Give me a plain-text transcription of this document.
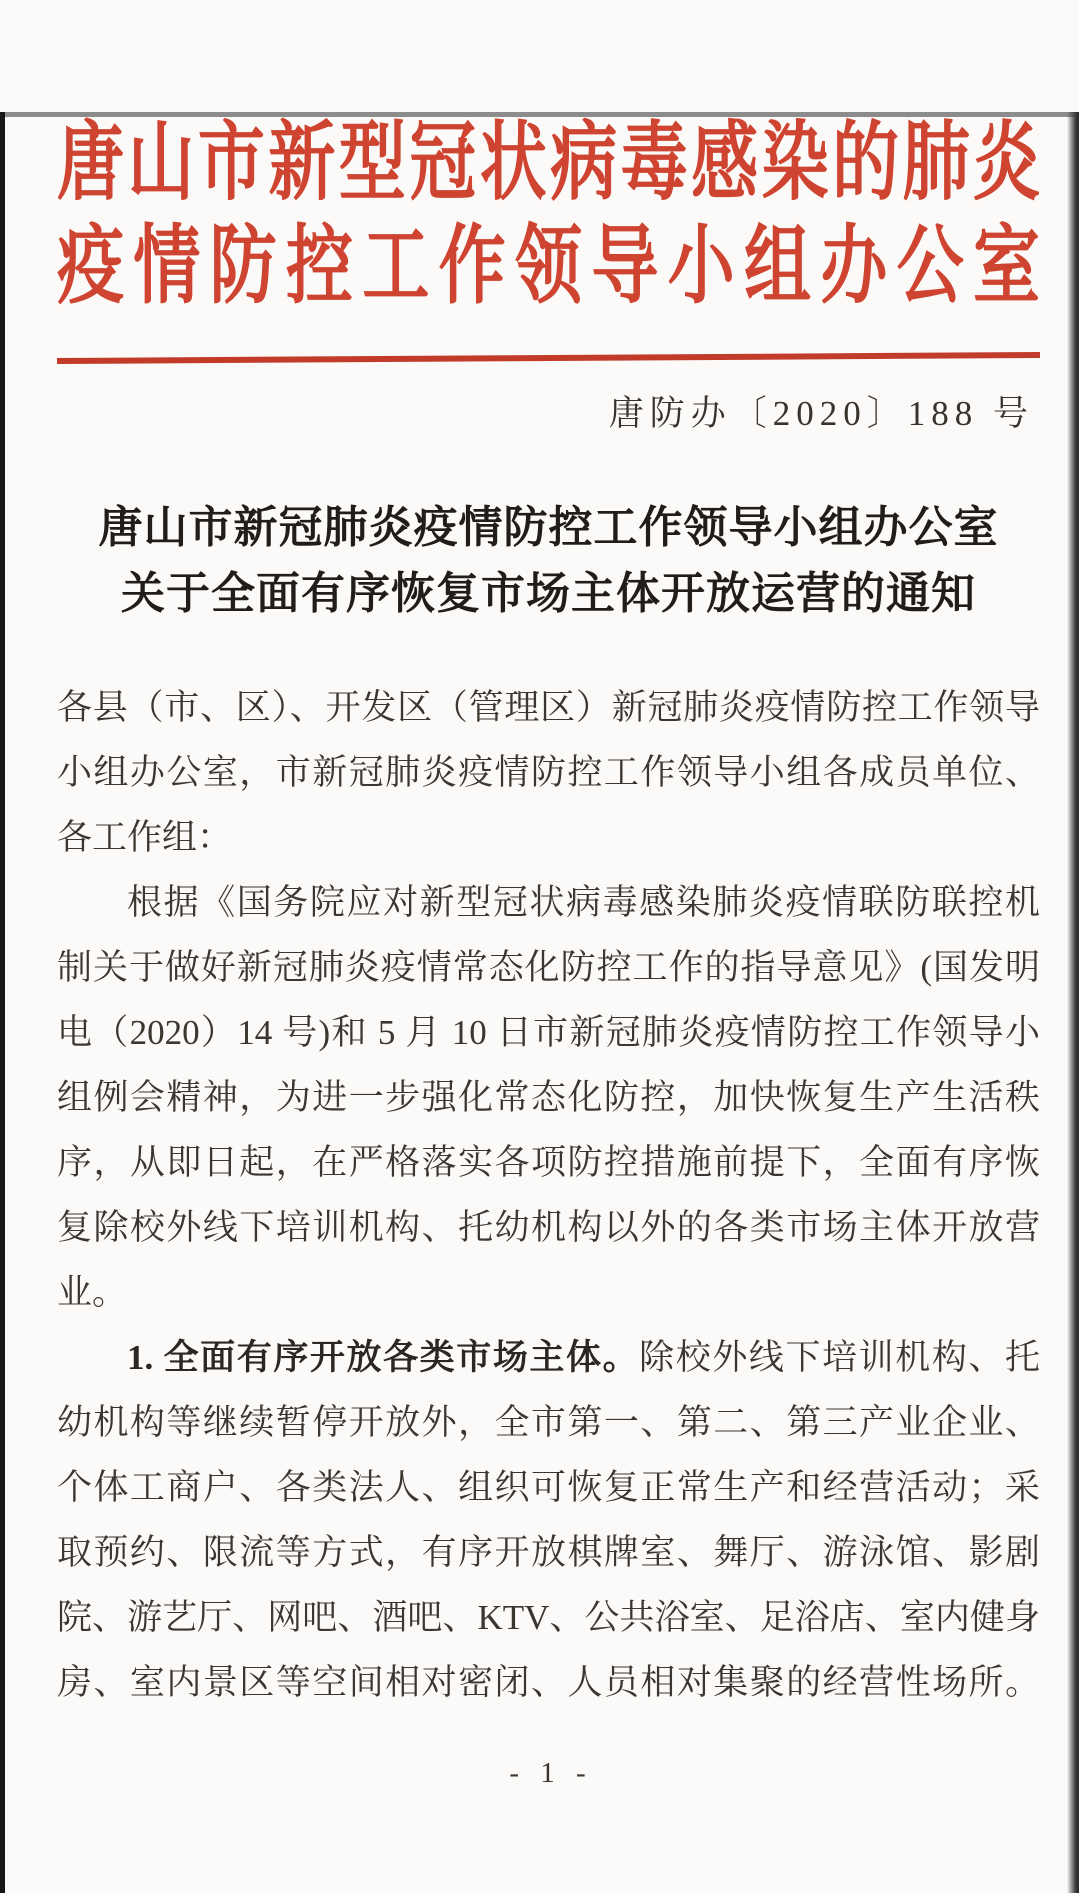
唐山市新型冠状病毒感染的肺炎
疫情防控工作领导小组办公室
唐防办〔2020〕188 号
唐山市新冠肺炎疫情防控工作领导小组办公室
关于全面有序恢复市场主体开放运营的通知
各县（市、区）、开发区（管理区）新冠肺炎疫情防控工作领导
小组办公室，市新冠肺炎疫情防控工作领导小组各成员单位、
各工作组：
根据《国务院应对新型冠状病毒感染肺炎疫情联防联控机
制关于做好新冠肺炎疫情常态化防控工作的指导意见》(国发明
电（2020）14 号)和 5 月 10 日市新冠肺炎疫情防控工作领导小
组例会精神，为进一步强化常态化防控，加快恢复生产生活秩
序，从即日起，在严格落实各项防控措施前提下，全面有序恢
复除校外线下培训机构、托幼机构以外的各类市场主体开放营
业。
1. 全面有序开放各类市场主体。除校外线下培训机构、托
幼机构等继续暂停开放外，全市第一、第二、第三产业企业、
个体工商户、各类法人、组织可恢复正常生产和经营活动；采
取预约、限流等方式，有序开放棋牌室、舞厅、游泳馆、影剧
院、游艺厅、网吧、酒吧、KTV、公共浴室、足浴店、室内健身
房、室内景区等空间相对密闭、人员相对集聚的经营性场所。
- 1 -
